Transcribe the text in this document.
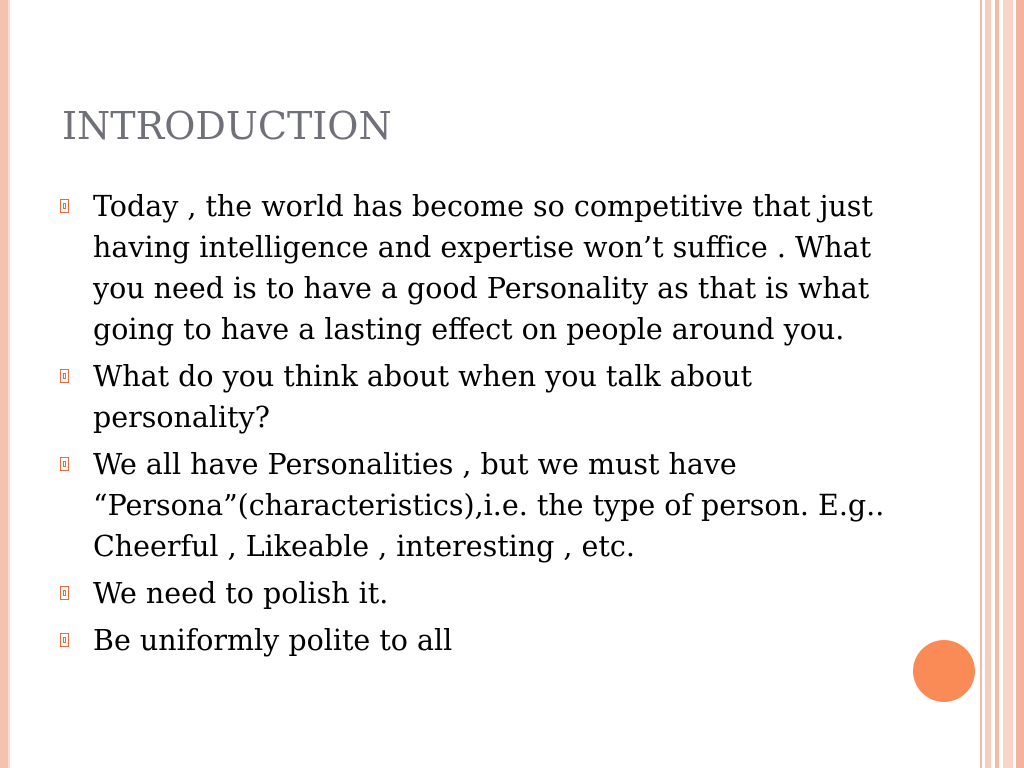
INTRODUCTION
Today , the world has become so competitive that just having intelligence and expertise won’t suffice . What you need is to have a good Personality as that is what going to have a lasting effect on people around you.
What do you think about when you talk about personality?
We all have Personalities , but we must have “Persona”(characteristics),i.e. the type of person. E.g.. Cheerful , Likeable , interesting , etc.
We need to polish it.
Be uniformly polite to all
